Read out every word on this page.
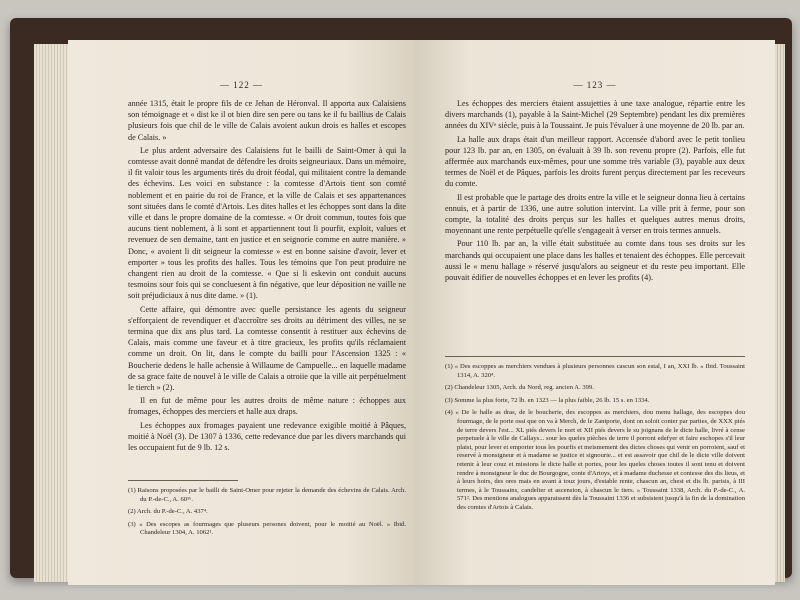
— 122 —

année 1315, était le propre fils de ce Jehan de Héronval. Il apporta aux Calaisiens son témoignage et « dist ke il ot bien dire sen pere ou tans ke il fu baillius de Calais plusieurs fois que chil de le ville de Calais avoient aukun drois es halles et escopes de Calais. »

Le plus ardent adversaire des Calaisiens fut le bailli de Saint-Omer à qui la comtesse avait donné mandat de défendre les droits seigneuriaux. Dans un mémoire, il fit valoir tous les arguments tirés du droit féodal, qui militaient contre la demande des échevins. Les voici en substance : la comtesse d'Artois tient son comté noblement et en pairie du roi de France, et la ville de Calais et ses appartenances sont situées dans le comté d'Artois. Les dites halles et les échoppes sont dans la dite ville et dans le propre domaine de la comtesse. « Or droit commun, toutes fois que aucuns tient noblement, à li sont et appartiennent tout li pourfit, exploit, values et revenuez de sen demaine, tant en justice et en seignorie comme en autre manière. » Donc, « avoient li dit seigneur la comtesse » est en bonne saisine d'avoir, lever et emporter » tous les profits des halles. Tous les témoins que l'on peut produire ne changent rien au droit de la comtesse. « Que si li eskevin ont conduit aucuns tesmoins sour fois qui se concluesent à fin négative, que leur déposition ne vaille ne soit préjudiciaux à nus dite dame. » (1).

Cette affaire, qui démontre avec quelle persistance les agents du seigneur s'efforçaient de revendiquer et d'accroître ses droits au détriment des villes, ne se termina que dix ans plus tard. La comtesse consentit à restituer aux échevins de Calais, mais comme une faveur et à titre gracieux, les profits qu'ils réclamaient comme un droit. On lit, dans le compte du bailli pour l'Ascension 1325 : « Boucherie dedens le halle achensie à Willaume de Campuelle... en laquelle madame de sa grace faite de nouvel à le ville de Calais a otroiie que la ville ait perpétuelment le tierch » (2).

Il en fut de même pour les autres droits de même nature : échoppes aux fromages, échoppes des merciers et halle aux draps.

Les échoppes aux fromages payaient une redevance exigible moitié à Pâques, moitié à Noël (3). De 1307 à 1336, cette redevance due par les divers marchands qui les occupaient fut de 9 lb. 12 s.

(1) Raisons proposées par le bailli de Saint-Omer pour rejeter la demande des échevins de Calais. Arch. du P.-de-C., A. 60¹⁶.
(2) Arch. du P.-de-C., A. 437⁴.
(3) « Des escopes as fourmages que pluseurs persones doivent, pour le moitié au Noël. » Ibid. Chandeleur 1304, A. 1062¹.
— 123 —

Les échoppes des merciers étaient assujetties à une taxe analogue, répartie entre les divers marchands (1), payable à la Saint-Michel (29 Septembre) pendant les dix premières années du XIVᵉ siècle, puis à la Toussaint. Je puis l'évaluer à une moyenne de 20 lb. par an.

La halle aux draps était d'un meilleur rapport. Accensée d'abord avec le petit tonlieu pour 123 lb. par an, en 1305, on évaluait à 39 lb. son revenu propre (2). Parfois, elle fut affermée aux marchands eux-mêmes, pour une somme très variable (3), payable aux deux termes de Noël et de Pâques, parfois les droits furent perçus directement par les receveurs du comte.

Il est probable que le partage des droits entre la ville et le seigneur donna lieu à certains ennuis, et à partir de 1336, une autre solution intervint. La ville prit à ferme, pour son compte, la totalité des droits perçus sur les halles et quelques autres menus droits, moyennant une rente perpétuelle qu'elle s'engageait à verser en trois termes annuels.

Pour 110 lb. par an, la ville était substituée au comte dans tous ses droits sur les marchands qui occupaient une place dans les halles et tenaient des échoppes. Elle percevait aussi le « menu hallage » réservé jusqu'alors au seigneur et du reste peu important. Elle pouvait édifier de nouvelles échoppes et en lever les profits (4).

(1) « Des escoppes as merchiers vendues à plusieurs personnes cascun son estal, I an, XXI lb. » Ibid. Toussaint 1314, A. 320⁴.
(2) Chandeleur 1305, Arch. du Nord, reg. ancien A. 399.
(3) Somme la plus forte, 72 lb. en 1323 — la plus faible, 26 lb. 15 s. en 1334.
(4) « De le halle as dras, de le boucherie, des escoppes as merchiers, dou menu hallage, des escoppes dou fourmage, de le porte ossi que on va à Merch, de le Zantporte, dont on soloit conter par parties, de XXX piés de terre devers l'est... XL piés devers le nort et XII piés devers le su joignans de le dicte halle, livré à cense perpetuele à le ville de Callays... sour les queles pièches de terre il porront edefyer et faire eschopes s'il leur plaist, pour lever et emporter tous les pourfis et meismement des dictes choses qui venir en porroient, sauf et reservé à monsigneur et à madame se justice et signourie... et est assavoir que chil de le dicte ville doivent retenir à leur couz et missions le dicte halle et portes, pour les queles choses toutes il sont tenu et doivent rendre à monsigneur le duc de Bourgogne, conte d'Artoys, et à madame duchesse et contesse des dis lieus, et à leurs hoirs, des ores mais en avant à touz jours, d'estable rente, chascun an, chest et dis lb. parisis, à III termes, à le Toussains, candelier et ascension, à chascun le tiers. » Toussaint 1338, Arch. du P.-de-C., A. 571². Des mentions analogues apparaissent dès la Toussaint 1336 et subsistent jusqu'à la fin de la domination des comtes d'Artois à Calais.
